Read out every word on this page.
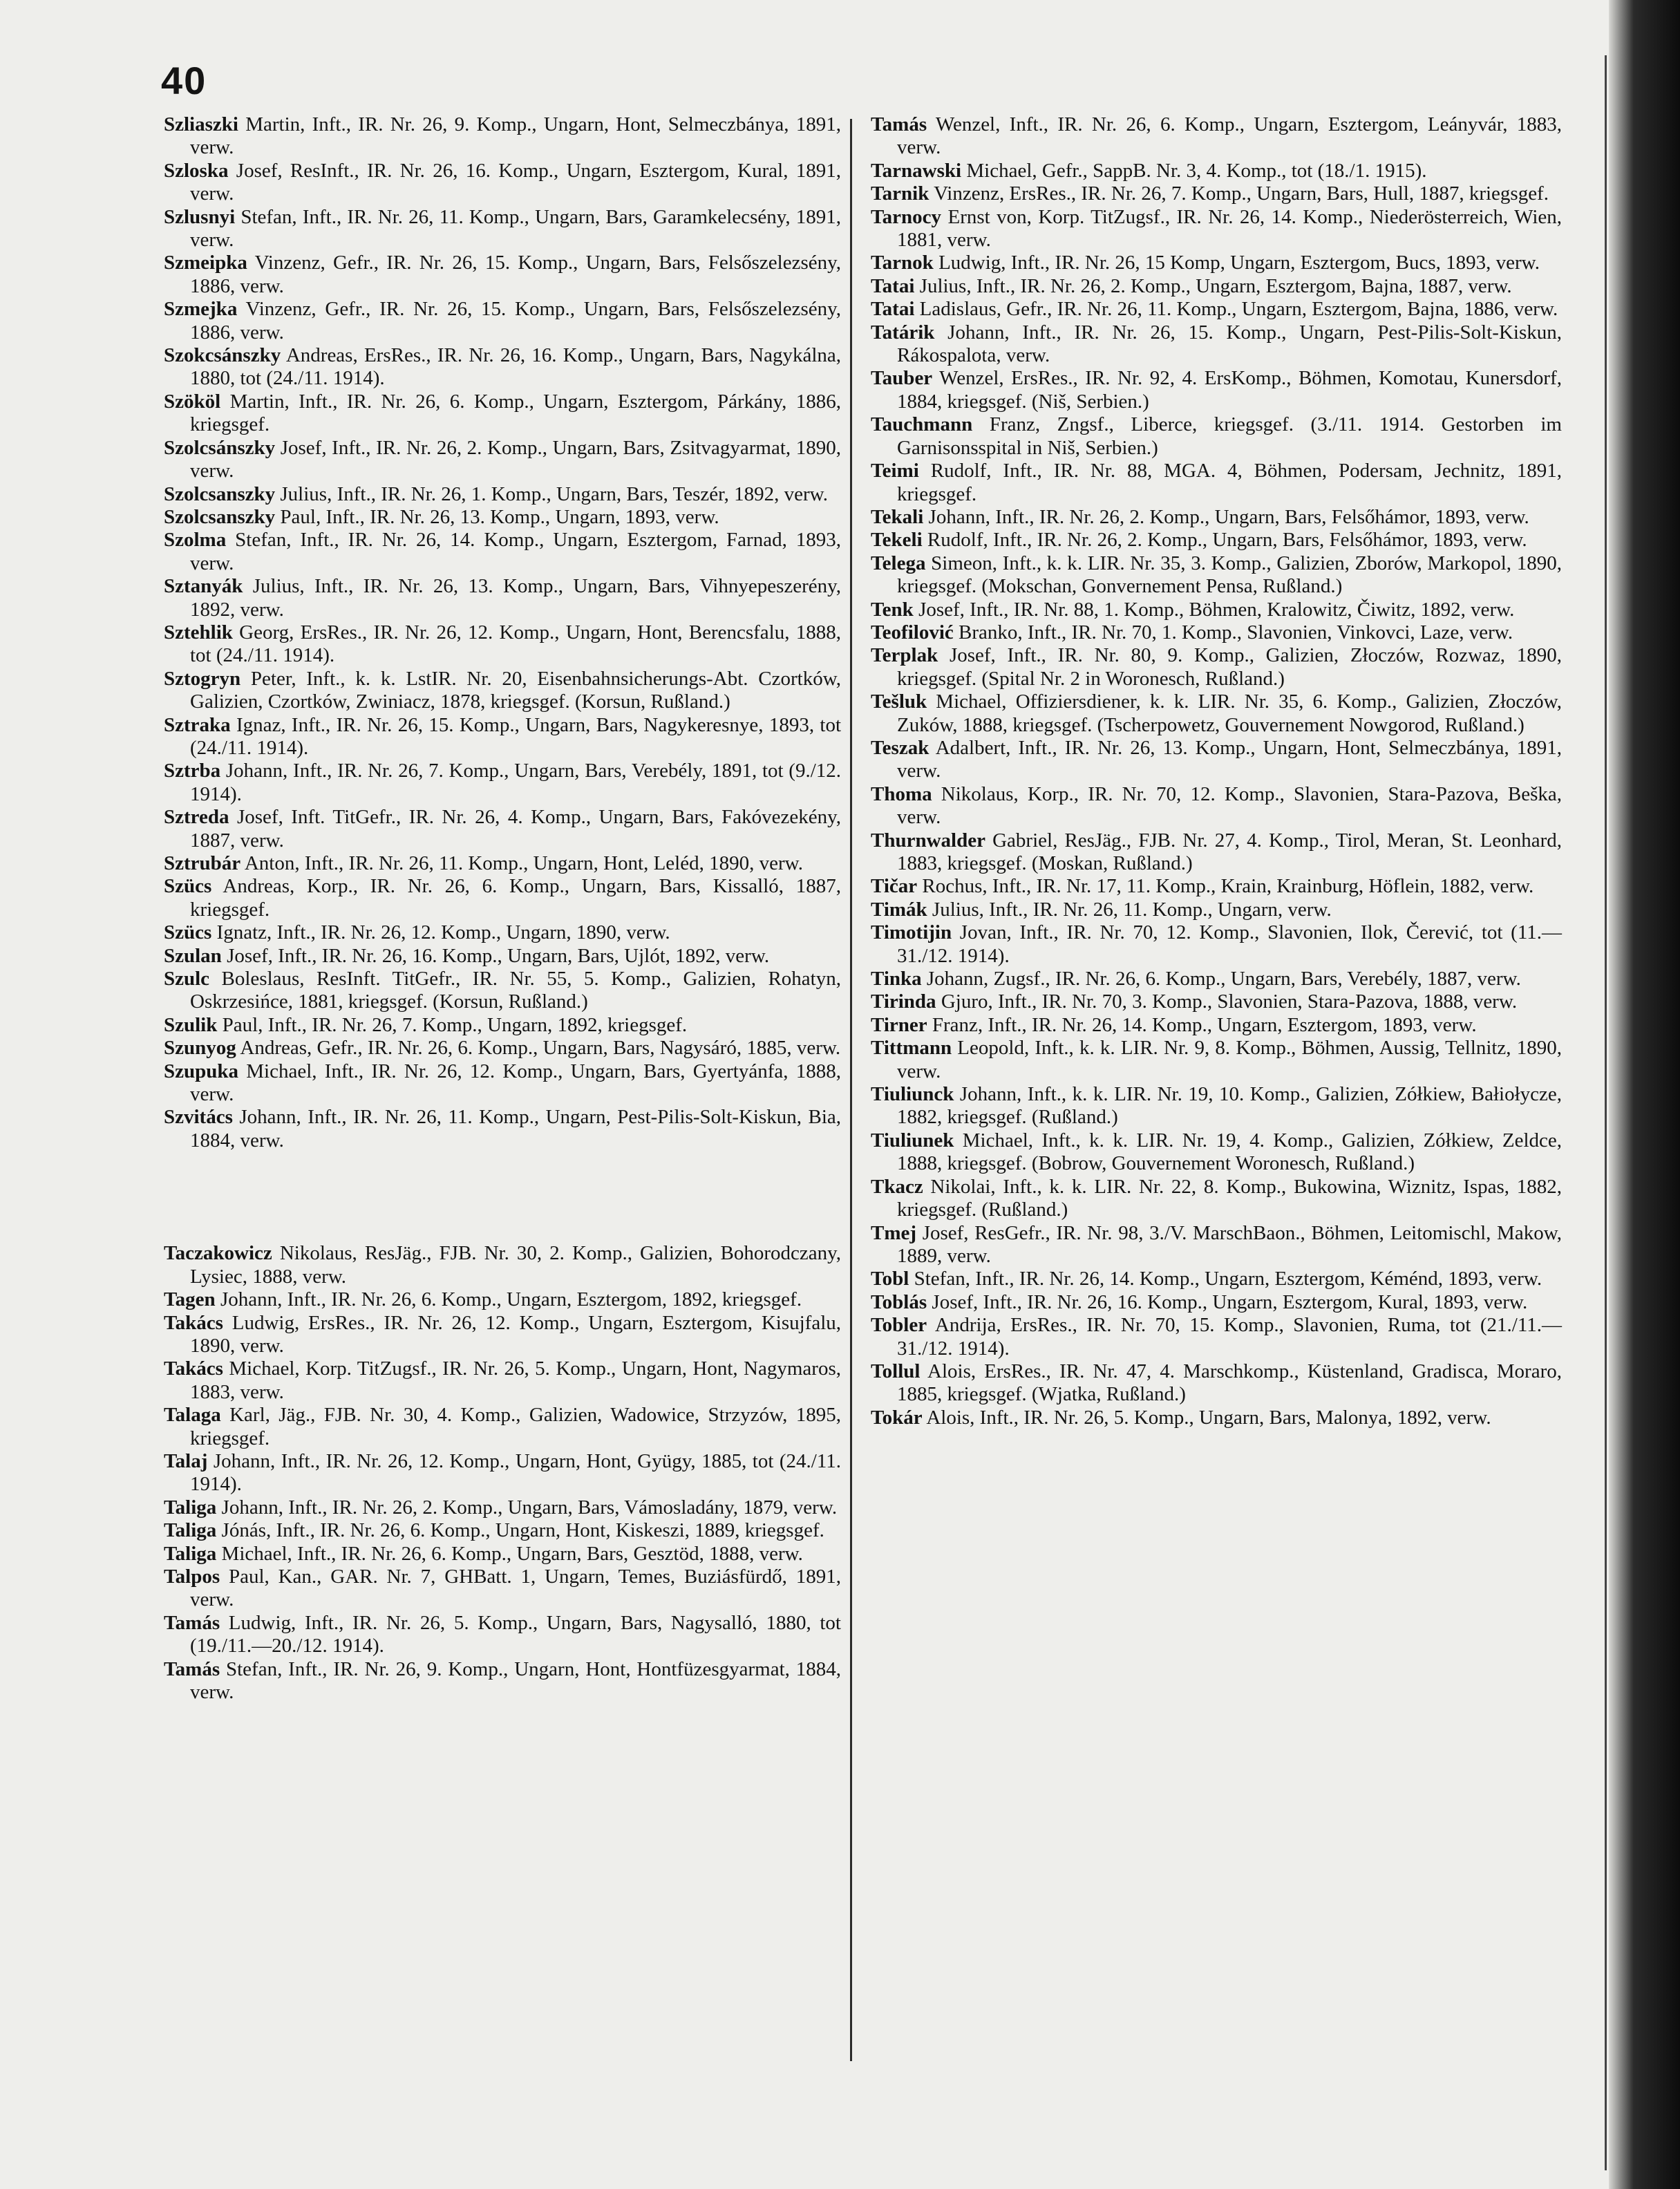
40
Szliaszki Martin, Inft., IR. Nr. 26, 9. Komp., Ungarn, Hont, Selmeczbánya, 1891, verw.
Szloska Josef, ResInft., IR. Nr. 26, 16. Komp., Ungarn, Esztergom, Kural, 1891, verw.
Szlusnyi Stefan, Inft., IR. Nr. 26, 11. Komp., Ungarn, Bars, Garamkelecsény, 1891, verw.
Szmeipka Vinzenz, Gefr., IR. Nr. 26, 15. Komp., Ungarn, Bars, Felsőszelezsény, 1886, verw.
Szmejka Vinzenz, Gefr., IR. Nr. 26, 15. Komp., Ungarn, Bars, Felsőszelezsény, 1886, verw.
Szokcsánszky Andreas, ErsRes., IR. Nr. 26, 16. Komp., Ungarn, Bars, Nagykálna, 1880, tot (24./11. 1914).
Szököl Martin, Inft., IR. Nr. 26, 6. Komp., Ungarn, Esztergom, Párkány, 1886, kriegsgef.
Szolcsánszky Josef, Inft., IR. Nr. 26, 2. Komp., Ungarn, Bars, Zsitvagyarmat, 1890, verw.
Szolcsanszky Julius, Inft., IR. Nr. 26, 1. Komp., Ungarn, Bars, Teszér, 1892, verw.
Szolcsanszky Paul, Inft., IR. Nr. 26, 13. Komp., Ungarn, 1893, verw.
Szolma Stefan, Inft., IR. Nr. 26, 14. Komp., Ungarn, Esztergom, Farnad, 1893, verw.
Sztanyák Julius, Inft., IR. Nr. 26, 13. Komp., Ungarn, Bars, Vihnyepeszerény, 1892, verw.
Sztehlik Georg, ErsRes., IR. Nr. 26, 12. Komp., Ungarn, Hont, Berencsfalu, 1888, tot (24./11. 1914).
Sztogryn Peter, Inft., k. k. LstIR. Nr. 20, Eisenbahnsicherungs-Abt. Czortków, Galizien, Czortków, Zwiniacz, 1878, kriegsgef. (Korsun, Rußland.)
Sztraka Ignaz, Inft., IR. Nr. 26, 15. Komp., Ungarn, Bars, Nagykeresnye, 1893, tot (24./11. 1914).
Sztrba Johann, Inft., IR. Nr. 26, 7. Komp., Ungarn, Bars, Verebély, 1891, tot (9./12. 1914).
Sztreda Josef, Inft. TitGefr., IR. Nr. 26, 4. Komp., Ungarn, Bars, Fakóvezekény, 1887, verw.
Sztrubár Anton, Inft., IR. Nr. 26, 11. Komp., Ungarn, Hont, Leléd, 1890, verw.
Szücs Andreas, Korp., IR. Nr. 26, 6. Komp., Ungarn, Bars, Kissalló, 1887, kriegsgef.
Szücs Ignatz, Inft., IR. Nr. 26, 12. Komp., Ungarn, 1890, verw.
Szulan Josef, Inft., IR. Nr. 26, 16. Komp., Ungarn, Bars, Ujlót, 1892, verw.
Szulc Boleslaus, ResInft. TitGefr., IR. Nr. 55, 5. Komp., Galizien, Rohatyn, Oskrzesińce, 1881, kriegsgef. (Korsun, Rußland.)
Szulik Paul, Inft., IR. Nr. 26, 7. Komp., Ungarn, 1892, kriegsgef.
Szunyog Andreas, Gefr., IR. Nr. 26, 6. Komp., Ungarn, Bars, Nagysáró, 1885, verw.
Szupuka Michael, Inft., IR. Nr. 26, 12. Komp., Ungarn, Bars, Gyertyánfa, 1888, verw.
Szvitács Johann, Inft., IR. Nr. 26, 11. Komp., Ungarn, Pest-Pilis-Solt-Kiskun, Bia, 1884, verw.
Taczakowicz Nikolaus, ResJäg., FJB. Nr. 30, 2. Komp., Galizien, Bohorodczany, Lysiec, 1888, verw.
Tagen Johann, Inft., IR. Nr. 26, 6. Komp., Ungarn, Esztergom, 1892, kriegsgef.
Takács Ludwig, ErsRes., IR. Nr. 26, 12. Komp., Ungarn, Esztergom, Kisujfalu, 1890, verw.
Takács Michael, Korp. TitZugsf., IR. Nr. 26, 5. Komp., Ungarn, Hont, Nagymaros, 1883, verw.
Talaga Karl, Jäg., FJB. Nr. 30, 4. Komp., Galizien, Wadowice, Strzyzów, 1895, kriegsgef.
Talaj Johann, Inft., IR. Nr. 26, 12. Komp., Ungarn, Hont, Gyügy, 1885, tot (24./11. 1914).
Taliga Johann, Inft., IR. Nr. 26, 2. Komp., Ungarn, Bars, Vámosladány, 1879, verw.
Taliga Jónás, Inft., IR. Nr. 26, 6. Komp., Ungarn, Hont, Kiskeszi, 1889, kriegsgef.
Taliga Michael, Inft., IR. Nr. 26, 6. Komp., Ungarn, Bars, Gesztöd, 1888, verw.
Talpos Paul, Kan., GAR. Nr. 7, GHBatt. 1, Ungarn, Temes, Buziásfürdő, 1891, verw.
Tamás Ludwig, Inft., IR. Nr. 26, 5. Komp., Ungarn, Bars, Nagysalló, 1880, tot (19./11.—20./12. 1914).
Tamás Stefan, Inft., IR. Nr. 26, 9. Komp., Ungarn, Hont, Hontfüzesgyarmat, 1884, verw.
Tamás Wenzel, Inft., IR. Nr. 26, 6. Komp., Ungarn, Esztergom, Leányvár, 1883, verw.
Tarnawski Michael, Gefr., SappB. Nr. 3, 4. Komp., tot (18./1. 1915).
Tarnik Vinzenz, ErsRes., IR. Nr. 26, 7. Komp., Ungarn, Bars, Hull, 1887, kriegsgef.
Tarnocy Ernst von, Korp. TitZugsf., IR. Nr. 26, 14. Komp., Niederösterreich, Wien, 1881, verw.
Tarnok Ludwig, Inft., IR. Nr. 26, 15 Komp, Ungarn, Esztergom, Bucs, 1893, verw.
Tatai Julius, Inft., IR. Nr. 26, 2. Komp., Ungarn, Esztergom, Bajna, 1887, verw.
Tatai Ladislaus, Gefr., IR. Nr. 26, 11. Komp., Ungarn, Esztergom, Bajna, 1886, verw.
Tatárik Johann, Inft., IR. Nr. 26, 15. Komp., Ungarn, Pest-Pilis-Solt-Kiskun, Rákospalota, verw.
Tauber Wenzel, ErsRes., IR. Nr. 92, 4. ErsKomp., Böhmen, Komotau, Kunersdorf, 1884, kriegsgef. (Niš, Serbien.)
Tauchmann Franz, Zngsf., Liberce, kriegsgef. (3./11. 1914. Gestorben im Garnisonsspital in Niš, Serbien.)
Teimi Rudolf, Inft., IR. Nr. 88, MGA. 4, Böhmen, Podersam, Jechnitz, 1891, kriegsgef.
Tekali Johann, Inft., IR. Nr. 26, 2. Komp., Ungarn, Bars, Felsőhámor, 1893, verw.
Tekeli Rudolf, Inft., IR. Nr. 26, 2. Komp., Ungarn, Bars, Felsőhámor, 1893, verw.
Telega Simeon, Inft., k. k. LIR. Nr. 35, 3. Komp., Galizien, Zborów, Markopol, 1890, kriegsgef. (Mokschan, Gonvernement Pensa, Rußland.)
Tenk Josef, Inft., IR. Nr. 88, 1. Komp., Böhmen, Kralowitz, Čiwitz, 1892, verw.
Teofilović Branko, Inft., IR. Nr. 70, 1. Komp., Slavonien, Vinkovci, Laze, verw.
Terplak Josef, Inft., IR. Nr. 80, 9. Komp., Galizien, Złoczów, Rozwaz, 1890, kriegsgef. (Spital Nr. 2 in Woronesch, Rußland.)
Tešluk Michael, Offiziersdiener, k. k. LIR. Nr. 35, 6. Komp., Galizien, Złoczów, Zuków, 1888, kriegsgef. (Tscherpowetz, Gouvernement Nowgorod, Rußland.)
Teszak Adalbert, Inft., IR. Nr. 26, 13. Komp., Ungarn, Hont, Selmeczbánya, 1891, verw.
Thoma Nikolaus, Korp., IR. Nr. 70, 12. Komp., Slavonien, Stara-Pazova, Beška, verw.
Thurnwalder Gabriel, ResJäg., FJB. Nr. 27, 4. Komp., Tirol, Meran, St. Leonhard, 1883, kriegsgef. (Moskan, Rußland.)
Tičar Rochus, Inft., IR. Nr. 17, 11. Komp., Krain, Krainburg, Höflein, 1882, verw.
Timák Julius, Inft., IR. Nr. 26, 11. Komp., Ungarn, verw.
Timotijin Jovan, Inft., IR. Nr. 70, 12. Komp., Slavonien, Ilok, Čerević, tot (11.—31./12. 1914).
Tinka Johann, Zugsf., IR. Nr. 26, 6. Komp., Ungarn, Bars, Verebély, 1887, verw.
Tirinda Gjuro, Inft., IR. Nr. 70, 3. Komp., Slavonien, Stara-Pazova, 1888, verw.
Tirner Franz, Inft., IR. Nr. 26, 14. Komp., Ungarn, Esztergom, 1893, verw.
Tittmann Leopold, Inft., k. k. LIR. Nr. 9, 8. Komp., Böhmen, Aussig, Tellnitz, 1890, verw.
Tiuliunck Johann, Inft., k. k. LIR. Nr. 19, 10. Komp., Galizien, Zółkiew, Bałiołycze, 1882, kriegsgef. (Rußland.)
Tiuliunek Michael, Inft., k. k. LIR. Nr. 19, 4. Komp., Galizien, Zółkiew, Zeldce, 1888, kriegsgef. (Bobrow, Gouvernement Woronesch, Rußland.)
Tkacz Nikolai, Inft., k. k. LIR. Nr. 22, 8. Komp., Bukowina, Wiznitz, Ispas, 1882, kriegsgef. (Rußland.)
Tmej Josef, ResGefr., IR. Nr. 98, 3./V. MarschBaon., Böhmen, Leitomischl, Makow, 1889, verw.
Tobl Stefan, Inft., IR. Nr. 26, 14. Komp., Ungarn, Esztergom, Kéménd, 1893, verw.
Toblás Josef, Inft., IR. Nr. 26, 16. Komp., Ungarn, Esztergom, Kural, 1893, verw.
Tobler Andrija, ErsRes., IR. Nr. 70, 15. Komp., Slavonien, Ruma, tot (21./11.—31./12. 1914).
Tollul Alois, ErsRes., IR. Nr. 47, 4. Marschkomp., Küstenland, Gradisca, Moraro, 1885, kriegsgef. (Wjatka, Rußland.)
Tokár Alois, Inft., IR. Nr. 26, 5. Komp., Ungarn, Bars, Malonya, 1892, verw.
